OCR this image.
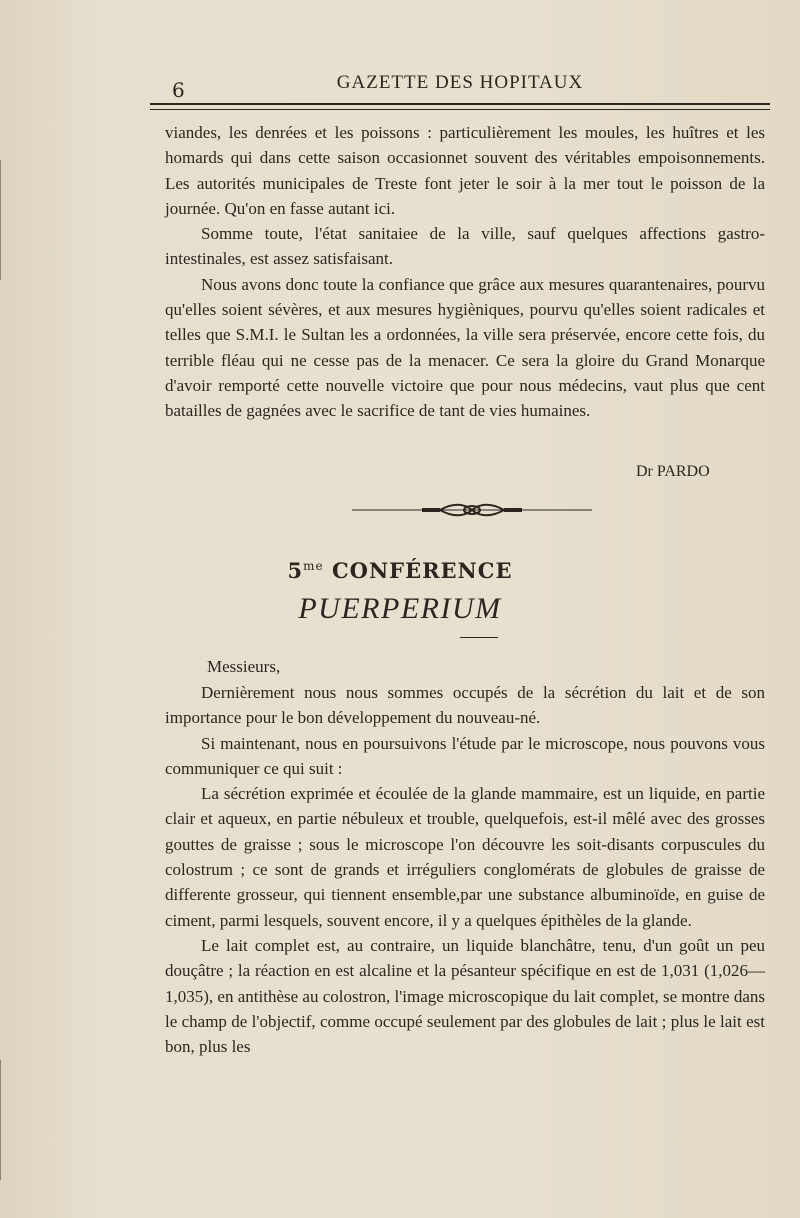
6	GAZETTE DES HOPITAUX

viandes, les denrées et les poissons : particulièrement les moules, les huîtres et les homards qui dans cette saison occasionnet souvent des véritables empoisonnements. Les autorités municipales de Treste font jeter le soir à la mer tout le poisson de la journée. Qu'on en fasse autant ici.

Somme toute, l'état sanitaiee de la ville, sauf quelques affections gastro-intestinales, est assez satisfaisant.

Nous avons donc toute la confiance que grâce aux mesures quarantenaires, pourvu qu'elles soient sévères, et aux mesures hygièniques, pourvu qu'elles soient radicales et telles que S.M.I. le Sultan les a ordonnées, la ville sera préservée, encore cette fois, du terrible fléau qui ne cesse pas de la menacer. Ce sera la gloire du Grand Monarque d'avoir remporté cette nouvelle victoire que pour nous médecins, vaut plus que cent batailles de gagnées avec le sacrifice de tant de vies humaines.

Dr PARDO
$5^{me}$ CONFÉRENCE
PUERPERIUM
Messieurs,

Dernièrement nous nous sommes occupés de la sécrétion du lait et de son importance pour le bon développement du nouveau-né.

Si maintenant, nous en poursuivons l'étude par le microscope, nous pouvons vous communiquer ce qui suit :

La sécrétion exprimée et écoulée de la glande mammaire, est un liquide, en partie clair et aqueux, en partie nébuleux et trouble, quelquefois, est-il mêlé avec des grosses gouttes de graisse ; sous le microscope l'on découvre les soit-disants corpuscules du colostrum ; ce sont de grands et irréguliers conglomérats de globules de graisse de differente grosseur, qui tiennent ensemble,par une substance albuminoïde, en guise de ciment, parmi lesquels, souvent encore, il y a quelques épithèles de la glande.

Le lait complet est, au contraire, un liquide blanchâtre, tenu, d'un goût un peu douçâtre ; la réaction en est alcaline et la pésanteur spécifique en est de 1,031 (1,026—1,035), en antithèse au colostron, l'image microscopique du lait complet, se montre dans le champ de l'objectif, comme occupé seulement par des globules de lait ; plus le lait est bon, plus les
